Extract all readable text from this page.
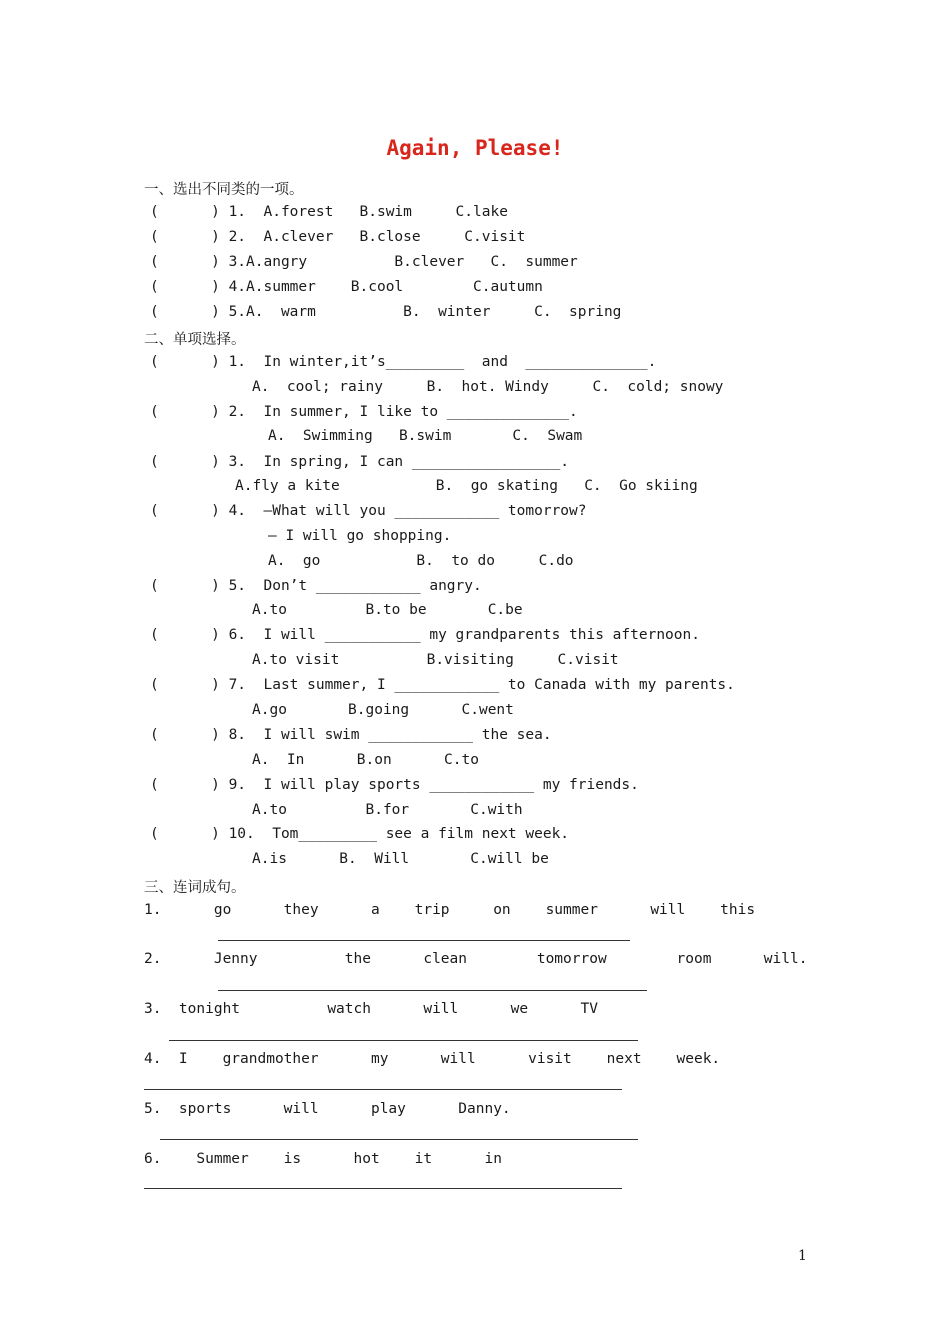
Again, Please!
一、选出不同类的一项。
(      ) 1.  A.forest   B.swim     C.lake
(      ) 2.  A.clever   B.close     C.visit
(      ) 3.A.angry          B.clever   C.  summer
(      ) 4.A.summer    B.cool        C.autumn
(      ) 5.A.  warm          B.  winter     C.  spring
二、单项选择。
(      ) 1.  In winter,it’s_________  and  ______________.
A.  cool; rainy     B.  hot. Windy     C.  cold; snowy
(      ) 2.  In summer, I like to ______________.
A.  Swimming   B.swim       C.  Swam
(      ) 3.  In spring, I can _________________.
A.fly a kite           B.  go skating   C.  Go skiing
(      ) 4.  —What will you ____________ tomorrow?
— I will go shopping.
A.  go           B.  to do     C.do
(      ) 5.  Don’t ____________ angry.
A.to         B.to be       C.be
(      ) 6.  I will ___________ my grandparents this afternoon.
A.to visit          B.visiting     C.visit
(      ) 7.  Last summer, I ____________ to Canada with my parents.
A.go       B.going      C.went
(      ) 8.  I will swim ____________ the sea.
A.  In      B.on      C.to
(      ) 9.  I will play sports ____________ my friends.
A.to         B.for       C.with
(      ) 10.  Tom_________ see a film next week.
A.is      B.  Will       C.will be
三、连词成句。
1.      go      they      a    trip     on    summer      will    this
2.      Jenny          the      clean        tomorrow        room      will.
3.  tonight          watch      will      we      TV
4.  I    grandmother      my      will      visit    next    week.
5.  sports      will      play      Danny.
6.    Summer    is      hot    it      in
1
